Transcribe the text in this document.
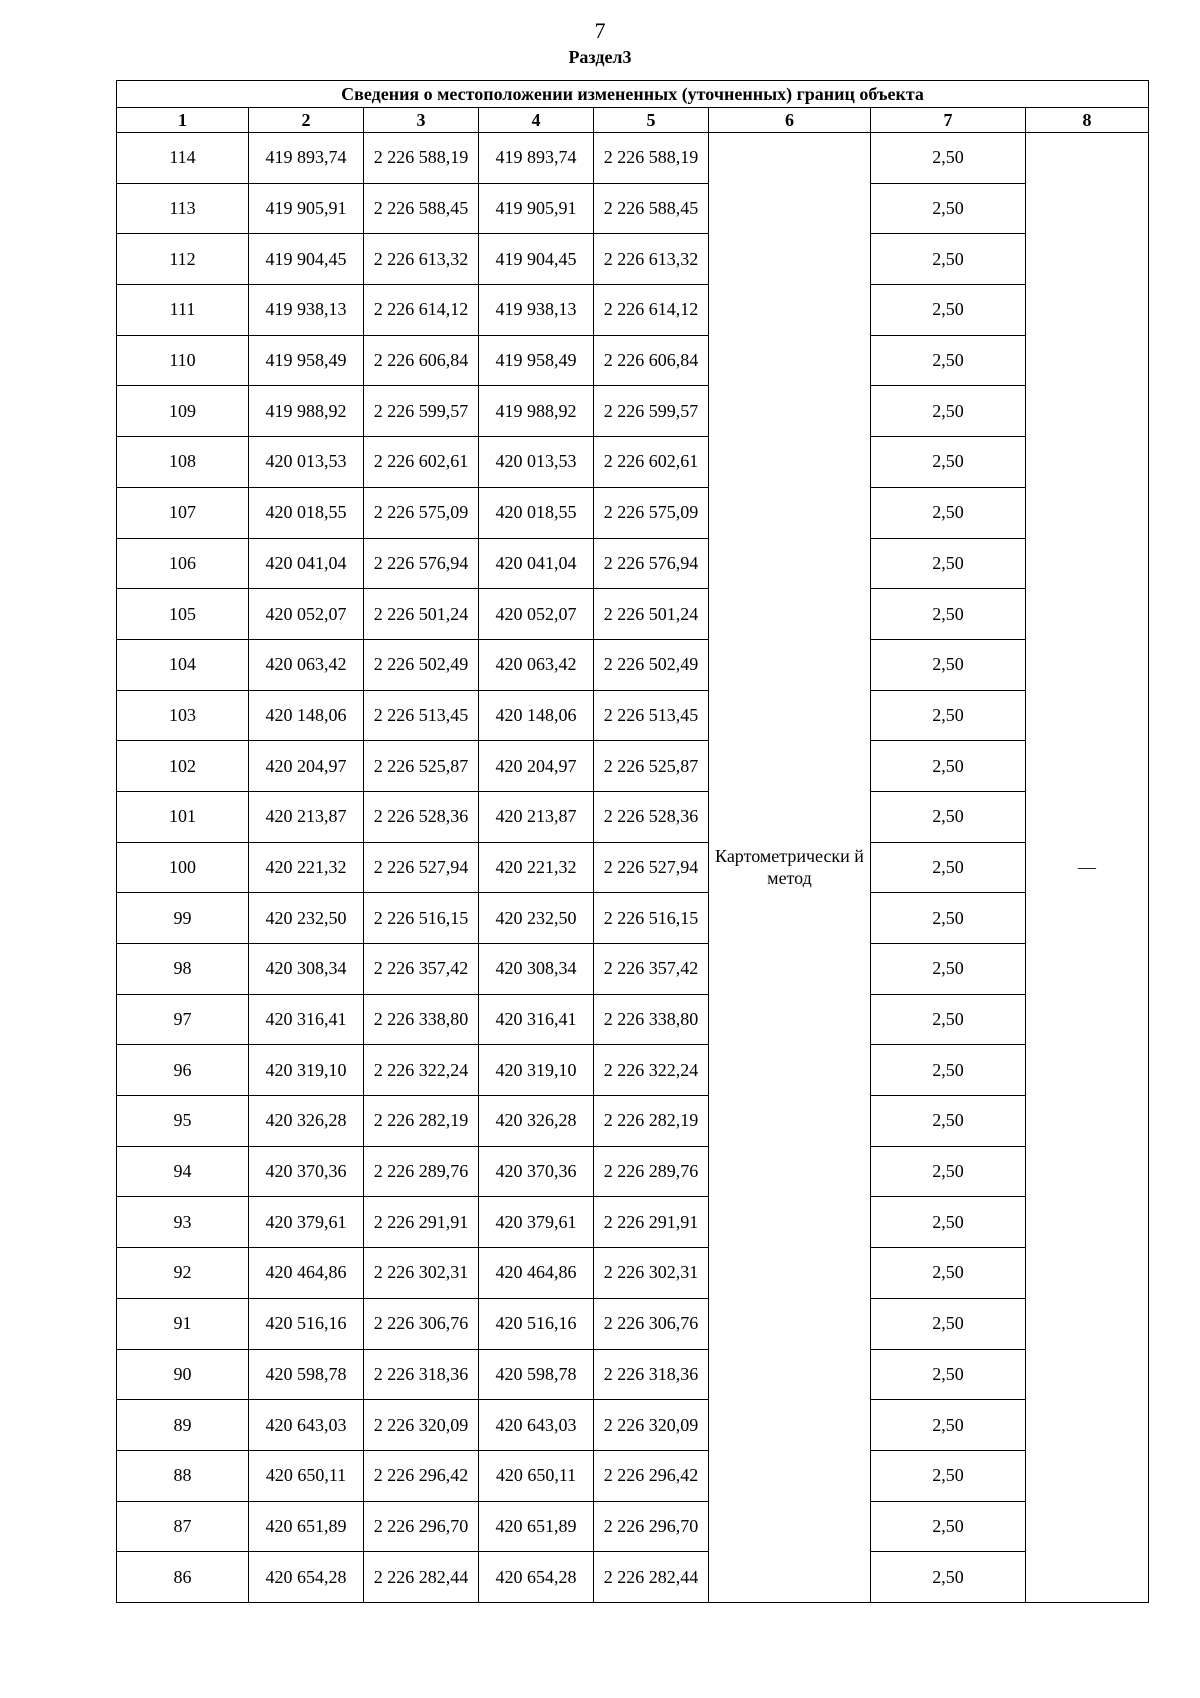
7
Раздел3
Сведения о местоположении измененных (уточненных) границ объекта							
1	2	3	4	5	6	7	8
114	419 893,74	2 226 588,19	419 893,74	2 226 588,19	Картометрически й метод	2,50	—
113	419 905,91	2 226 588,45	419 905,91	2 226 588,45		2,50	
112	419 904,45	2 226 613,32	419 904,45	2 226 613,32		2,50	
111	419 938,13	2 226 614,12	419 938,13	2 226 614,12		2,50	
110	419 958,49	2 226 606,84	419 958,49	2 226 606,84		2,50	
109	419 988,92	2 226 599,57	419 988,92	2 226 599,57		2,50	
108	420 013,53	2 226 602,61	420 013,53	2 226 602,61		2,50	
107	420 018,55	2 226 575,09	420 018,55	2 226 575,09		2,50	
106	420 041,04	2 226 576,94	420 041,04	2 226 576,94		2,50	
105	420 052,07	2 226 501,24	420 052,07	2 226 501,24		2,50	
104	420 063,42	2 226 502,49	420 063,42	2 226 502,49		2,50	
103	420 148,06	2 226 513,45	420 148,06	2 226 513,45		2,50	
102	420 204,97	2 226 525,87	420 204,97	2 226 525,87		2,50	
101	420 213,87	2 226 528,36	420 213,87	2 226 528,36		2,50	
100	420 221,32	2 226 527,94	420 221,32	2 226 527,94		2,50	
99	420 232,50	2 226 516,15	420 232,50	2 226 516,15		2,50	
98	420 308,34	2 226 357,42	420 308,34	2 226 357,42		2,50	
97	420 316,41	2 226 338,80	420 316,41	2 226 338,80		2,50	
96	420 319,10	2 226 322,24	420 319,10	2 226 322,24		2,50	
95	420 326,28	2 226 282,19	420 326,28	2 226 282,19		2,50	
94	420 370,36	2 226 289,76	420 370,36	2 226 289,76		2,50	
93	420 379,61	2 226 291,91	420 379,61	2 226 291,91		2,50	
92	420 464,86	2 226 302,31	420 464,86	2 226 302,31		2,50	
91	420 516,16	2 226 306,76	420 516,16	2 226 306,76		2,50	
90	420 598,78	2 226 318,36	420 598,78	2 226 318,36		2,50	
89	420 643,03	2 226 320,09	420 643,03	2 226 320,09		2,50	
88	420 650,11	2 226 296,42	420 650,11	2 226 296,42		2,50	
87	420 651,89	2 226 296,70	420 651,89	2 226 296,70		2,50	
86	420 654,28	2 226 282,44	420 654,28	2 226 282,44		2,50	
